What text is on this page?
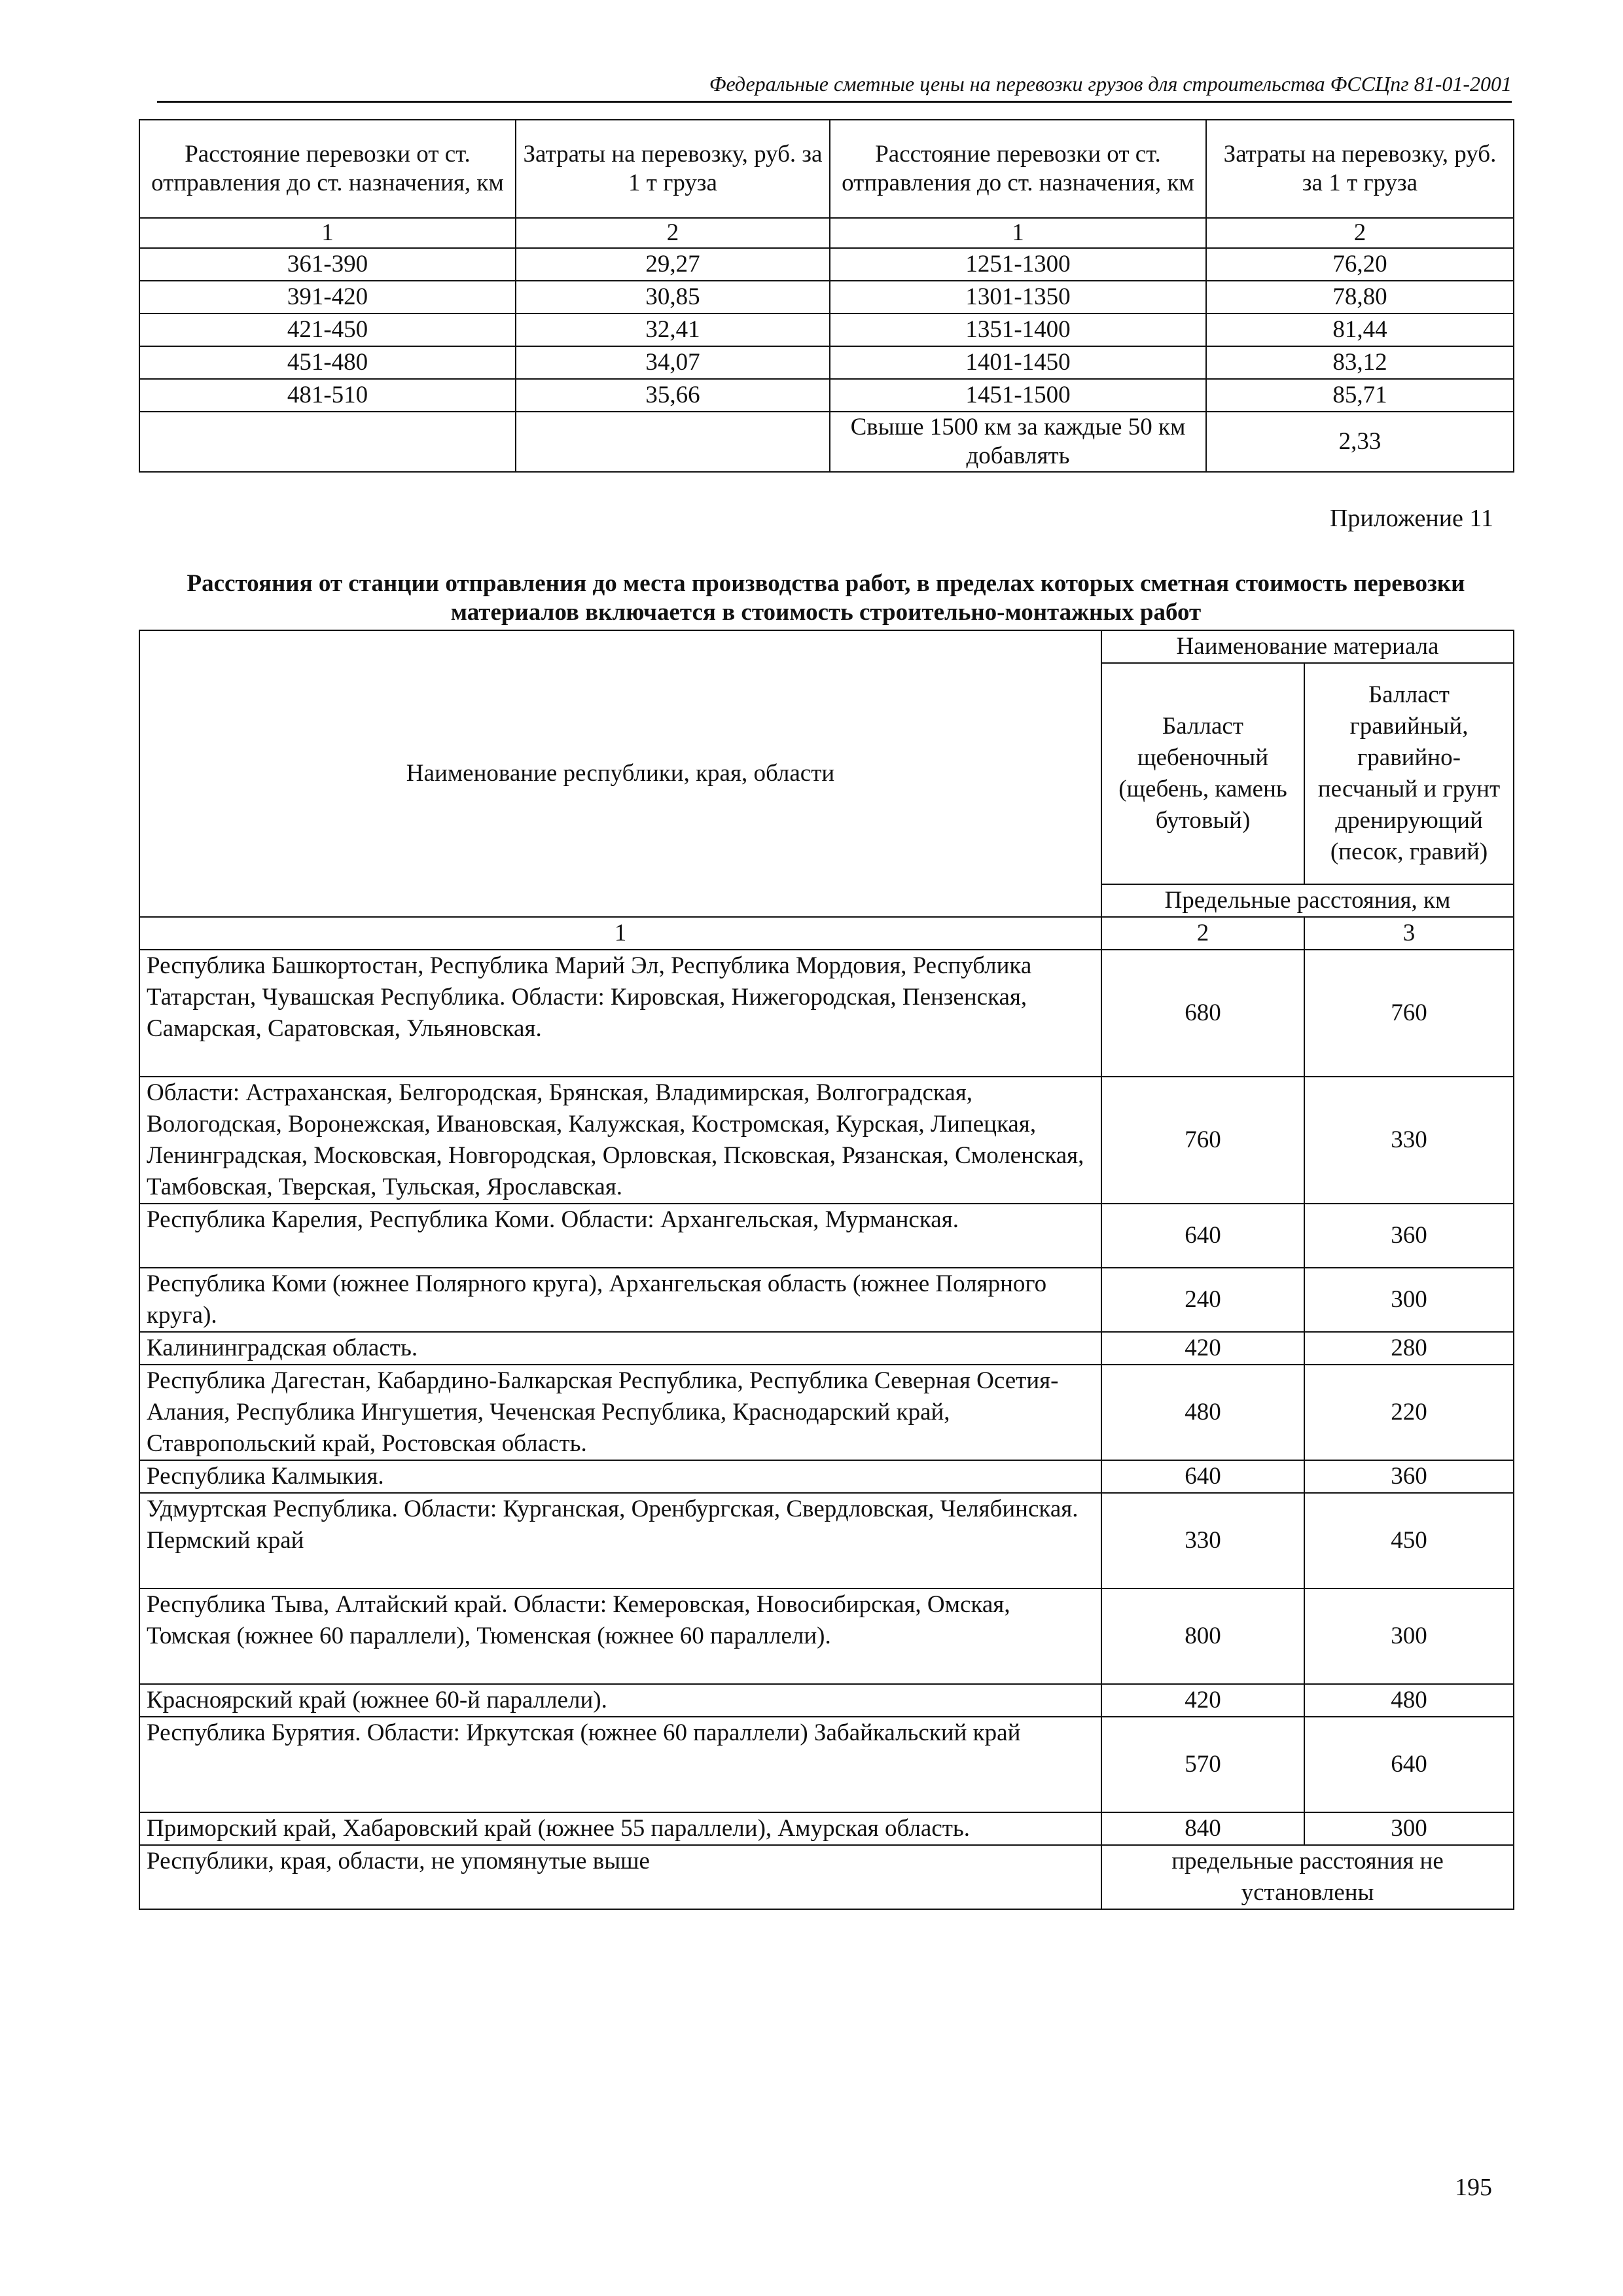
Федеральные сметные цены на перевозки грузов для строительства ФССЦпг 81-01-2001
Расстояние перевозки от ст. отправления до ст. назначения, км	Затраты на перевозку, руб. за 1 т груза	Расстояние перевозки от ст. отправления до ст. назначения, км	Затраты на перевозку, руб. за 1 т груза
1	2	1	2
361-390	29,27	1251-1300	76,20
391-420	30,85	1301-1350	78,80
421-450	32,41	1351-1400	81,44
451-480	34,07	1401-1450	83,12
481-510	35,66	1451-1500	85,71
		Свыше 1500 км за каждые 50 км добавлять	2,33
Приложение 11
Расстояния от станции отправления до места производства работ, в пределах которых сметная стоимость перевозки материалов включается в стоимость строительно-монтажных работ
Наименование республики, края, области	Наименование материала	
	Балласт щебеночный (щебень, камень бутовый)	Балласт гравийный, гравийно-песчаный и грунт дренирующий (песок, гравий)
	Предельные расстояния, км	
1	2	3
Республика Башкортостан, Республика Марий Эл, Республика Мордовия, Республика Татарстан, Чувашская Республика. Области: Кировская, Нижегородская, Пензенская, Самарская, Саратовская, Ульяновская.	680	760
Области: Астраханская, Белгородская, Брянская, Владимирская, Волгоградская, Вологодская, Воронежская, Ивановская, Калужская, Костромская, Курская, Липецкая, Ленинградская, Московская, Новгородская, Орловская, Псковская, Рязанская, Смоленская, Тамбовская, Тверская, Тульская, Ярославская.	760	330
Республика Карелия, Республика Коми. Области: Архангельская, Мурманская.	640	360
Республика Коми (южнее Полярного круга), Архангельская область (южнее Полярного круга).	240	300
Калининградская область.	420	280
Республика Дагестан, Кабардино-Балкарская Республика, Республика Северная Осетия-Алания, Республика Ингушетия, Чеченская Республика, Краснодарский край, Ставропольский край, Ростовская область.	480	220
Республика Калмыкия.	640	360
Удмуртская Республика. Области: Курганская, Оренбургская, Свердловская, Челябинская. Пермский край	330	450
Республика Тыва, Алтайский край. Области: Кемеровская, Новосибирская, Омская, Томская (южнее 60 параллели), Тюменская (южнее 60 параллели).	800	300
Красноярский край (южнее 60-й параллели).	420	480
Республика Бурятия. Области: Иркутская (южнее 60 параллели) Забайкальский край	570	640
Приморский край, Хабаровский край (южнее 55 параллели), Амурская область.	840	300
Республики, края, области, не упомянутые выше	предельные расстояния не установлены	
195
